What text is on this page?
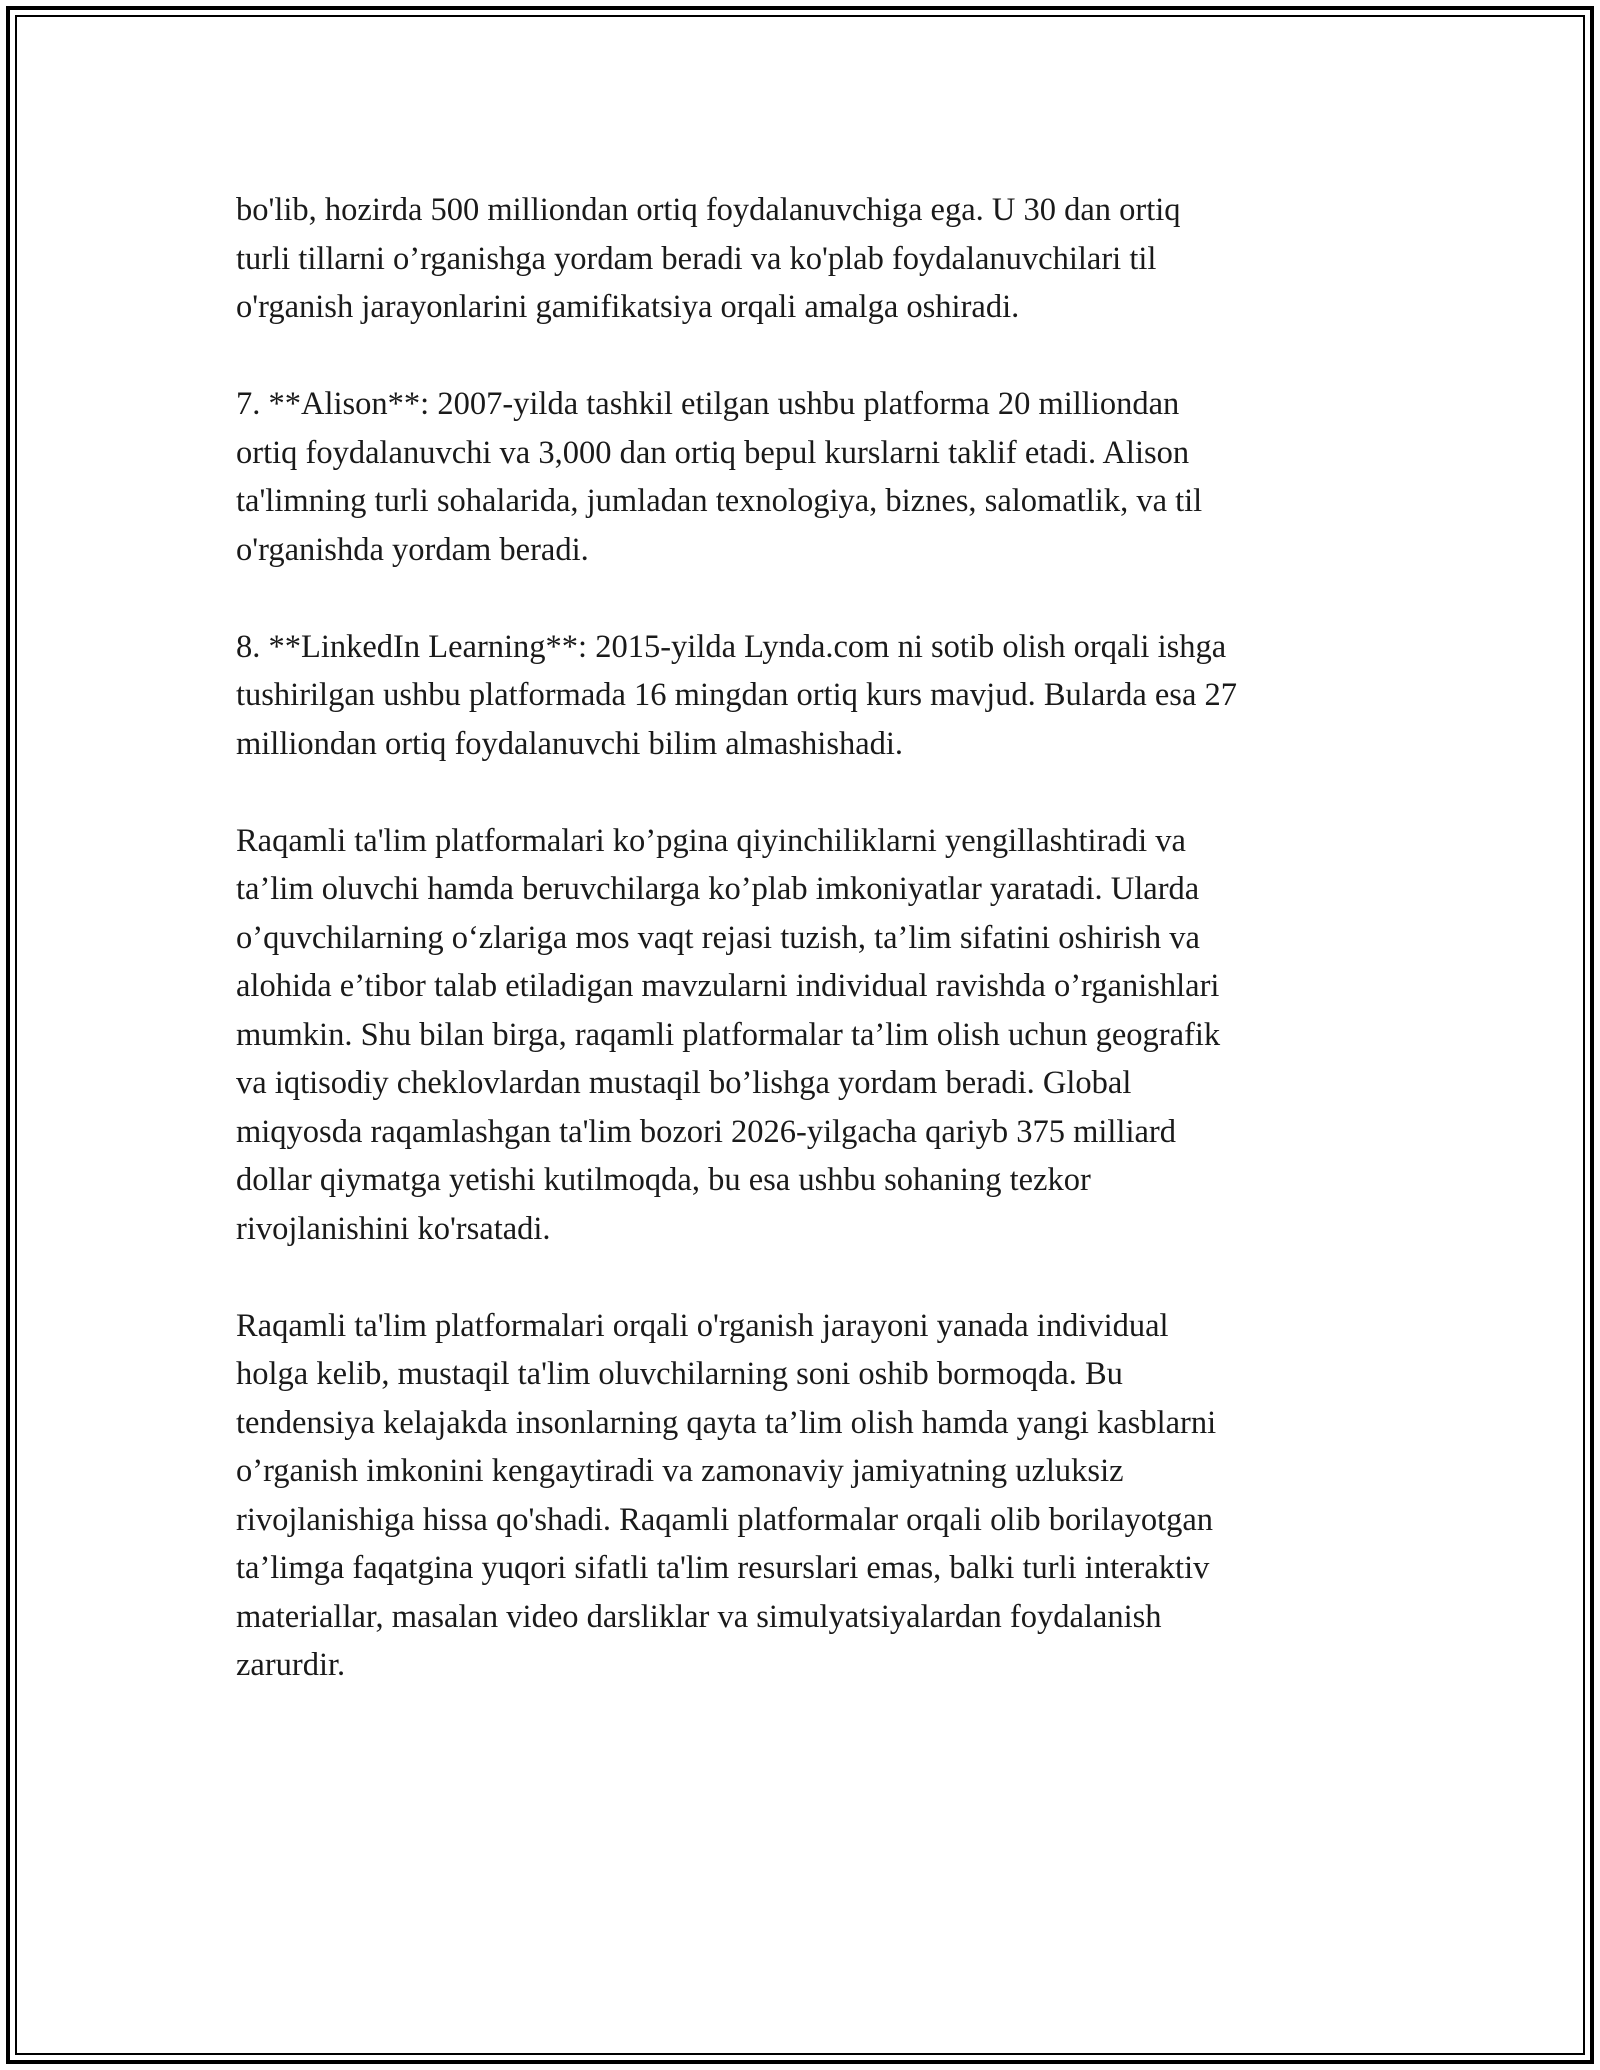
bo'lib, hozirda 500 milliondan ortiq foydalanuvchiga ega. U 30 dan ortiq
turli tillarni o’rganishga yordam beradi va ko'plab foydalanuvchilari til
o'rganish jarayonlarini gamifikatsiya orqali amalga oshiradi.

7. **Alison**: 2007-yilda tashkil etilgan ushbu platforma 20 milliondan
ortiq foydalanuvchi va 3,000 dan ortiq bepul kurslarni taklif etadi. Alison
ta'limning turli sohalarida, jumladan texnologiya, biznes, salomatlik, va til
o'rganishda yordam beradi.

8. **LinkedIn Learning**: 2015-yilda Lynda.com ni sotib olish orqali ishga
tushirilgan ushbu platformada 16 mingdan ortiq kurs mavjud. Bularda esa 27
milliondan ortiq foydalanuvchi bilim almashishadi.

Raqamli ta'lim platformalari ko’pgina qiyinchiliklarni yengillashtiradi va
ta’lim oluvchi hamda beruvchilarga ko’plab imkoniyatlar yaratadi. Ularda
o’quvchilarning o‘zlariga mos vaqt rejasi tuzish, ta’lim sifatini oshirish va
alohida e’tibor talab etiladigan mavzularni individual ravishda o’rganishlari
mumkin. Shu bilan birga, raqamli platformalar ta’lim olish uchun geografik
va iqtisodiy cheklovlardan mustaqil bo’lishga yordam beradi. Global
miqyosda raqamlashgan ta'lim bozori 2026-yilgacha qariyb 375 milliard
dollar qiymatga yetishi kutilmoqda, bu esa ushbu sohaning tezkor
rivojlanishini ko'rsatadi.

Raqamli ta'lim platformalari orqali o'rganish jarayoni yanada individual
holga kelib, mustaqil ta'lim oluvchilarning soni oshib bormoqda. Bu
tendensiya kelajakda insonlarning qayta ta’lim olish hamda yangi kasblarni
o’rganish imkonini kengaytiradi va zamonaviy jamiyatning uzluksiz
rivojlanishiga hissa qo'shadi. Raqamli platformalar orqali olib borilayotgan
ta’limga faqatgina yuqori sifatli ta'lim resurslari emas, balki turli interaktiv
materiallar, masalan video darsliklar va simulyatsiyalardan foydalanish
zarurdir.
